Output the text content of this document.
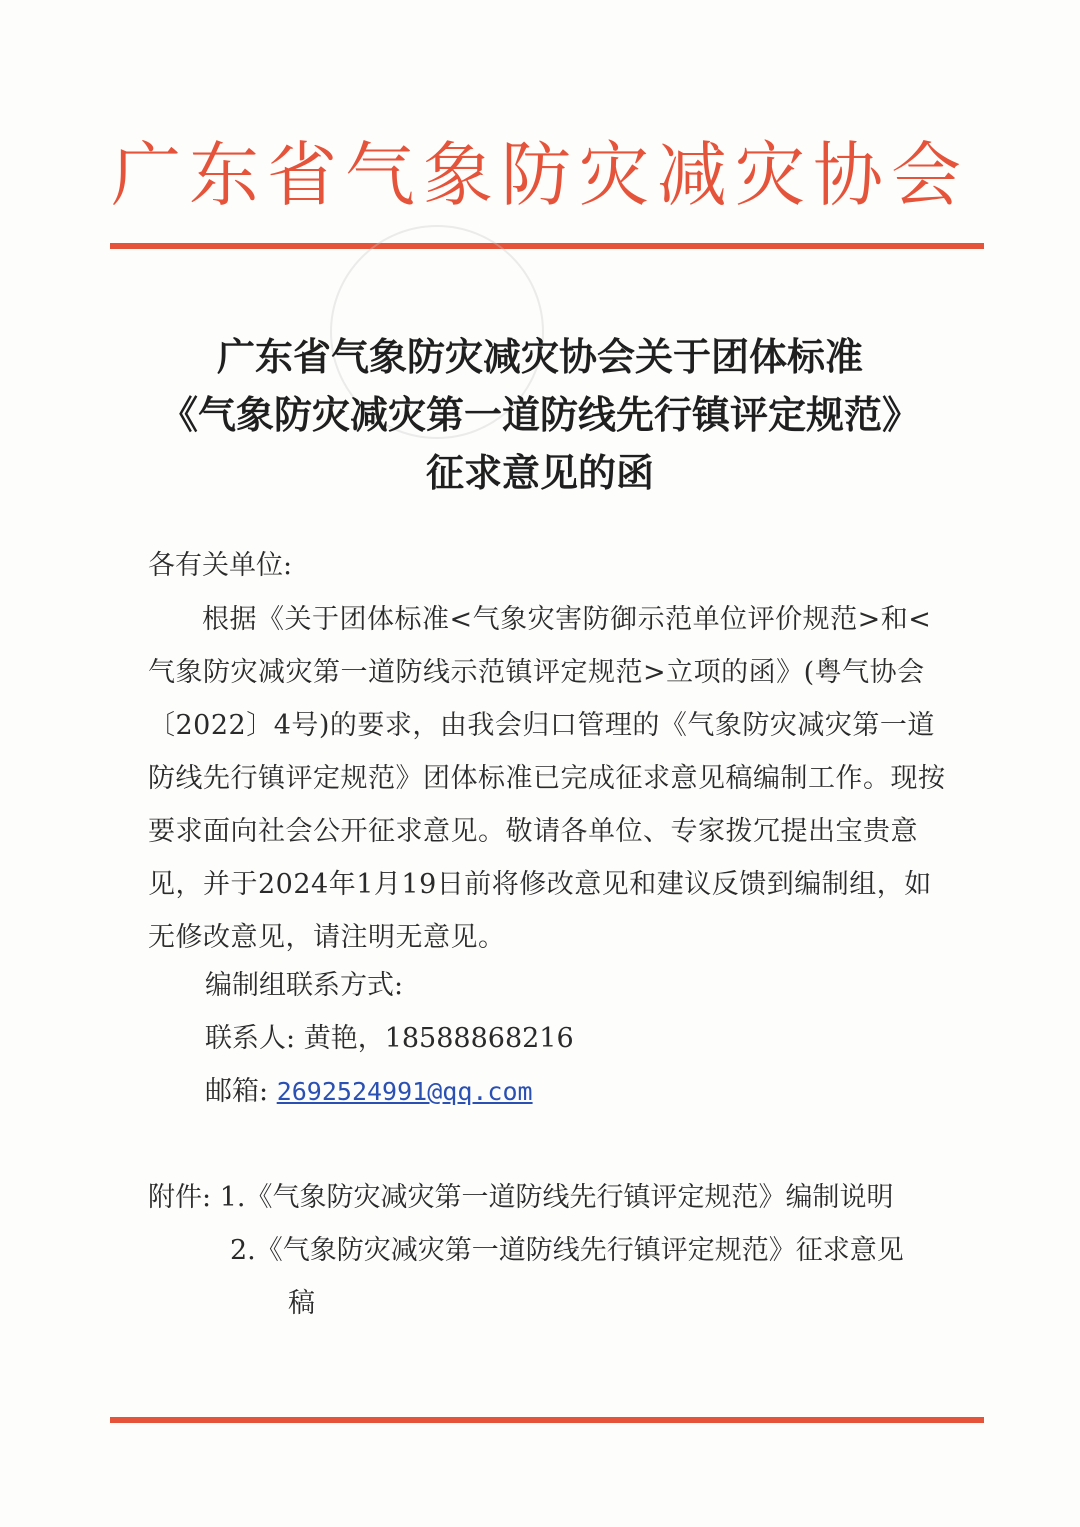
广东省气象防灾减灾协会
广东省气象防灾减灾协会关于团体标准
《气象防灾减灾第一道防线先行镇评定规范》
征求意见的函
各有关单位:
根据《关于团体标准<气象灾害防御示范单位评价规范>和<气象防灾减灾第一道防线示范镇评定规范>立项的函》(粤气协会〔2022〕4号)的要求，由我会归口管理的《气象防灾减灾第一道防线先行镇评定规范》团体标准已完成征求意见稿编制工作。现按要求面向社会公开征求意见。敬请各单位、专家拨冗提出宝贵意见，并于2024年1月19日前将修改意见和建议反馈到编制组，如无修改意见，请注明无意见。
编制组联系方式:
联系人: 黄艳，18588868216
邮箱: 2692524991@qq.com
附件: 1.《气象防灾减灾第一道防线先行镇评定规范》编制说明
2.《气象防灾减灾第一道防线先行镇评定规范》征求意见
稿
